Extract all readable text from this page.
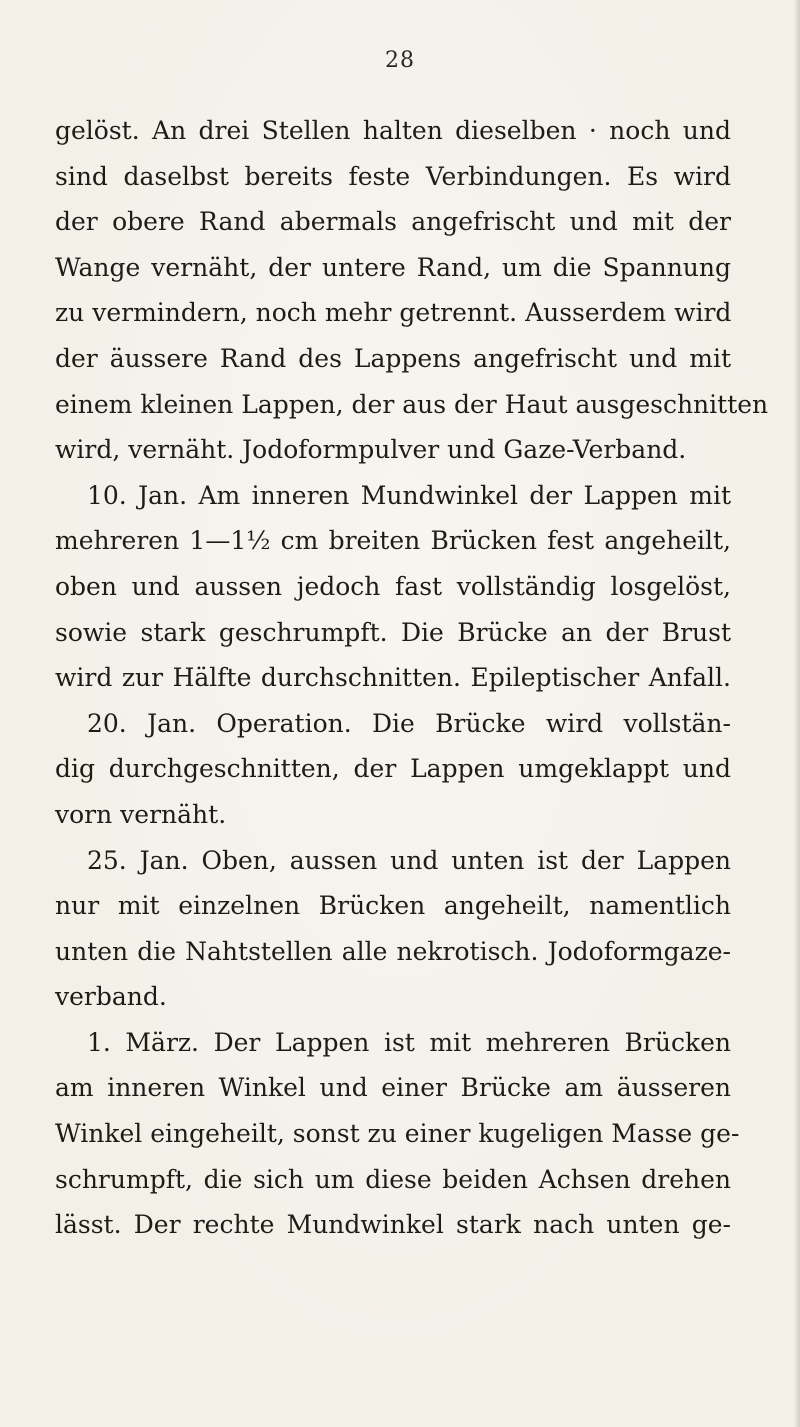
28
gelöst. An drei Stellen halten dieselben · noch und
sind daselbst bereits feste Verbindungen. Es wird
der obere Rand abermals angefrischt und mit der
Wange vernäht, der untere Rand, um die Spannung
zu vermindern, noch mehr getrennt. Ausserdem wird
der äussere Rand des Lappens angefrischt und mit
einem kleinen Lappen, der aus der Haut ausgeschnitten
wird, vernäht. Jodoformpulver und Gaze-Verband.
10. Jan. Am inneren Mundwinkel der Lappen mit
mehreren 1—1½ cm breiten Brücken fest angeheilt,
oben und aussen jedoch fast vollständig losgelöst,
sowie stark geschrumpft. Die Brücke an der Brust
wird zur Hälfte durchschnitten. Epileptischer Anfall.
20. Jan. Operation. Die Brücke wird vollstän-
dig durchgeschnitten, der Lappen umgeklappt und
vorn vernäht.
25. Jan. Oben, aussen und unten ist der Lappen
nur mit einzelnen Brücken angeheilt, namentlich
unten die Nahtstellen alle nekrotisch. Jodoformgaze-
verband.
1. März. Der Lappen ist mit mehreren Brücken
am inneren Winkel und einer Brücke am äusseren
Winkel eingeheilt, sonst zu einer kugeligen Masse ge-
schrumpft, die sich um diese beiden Achsen drehen
lässt. Der rechte Mundwinkel stark nach unten ge-
